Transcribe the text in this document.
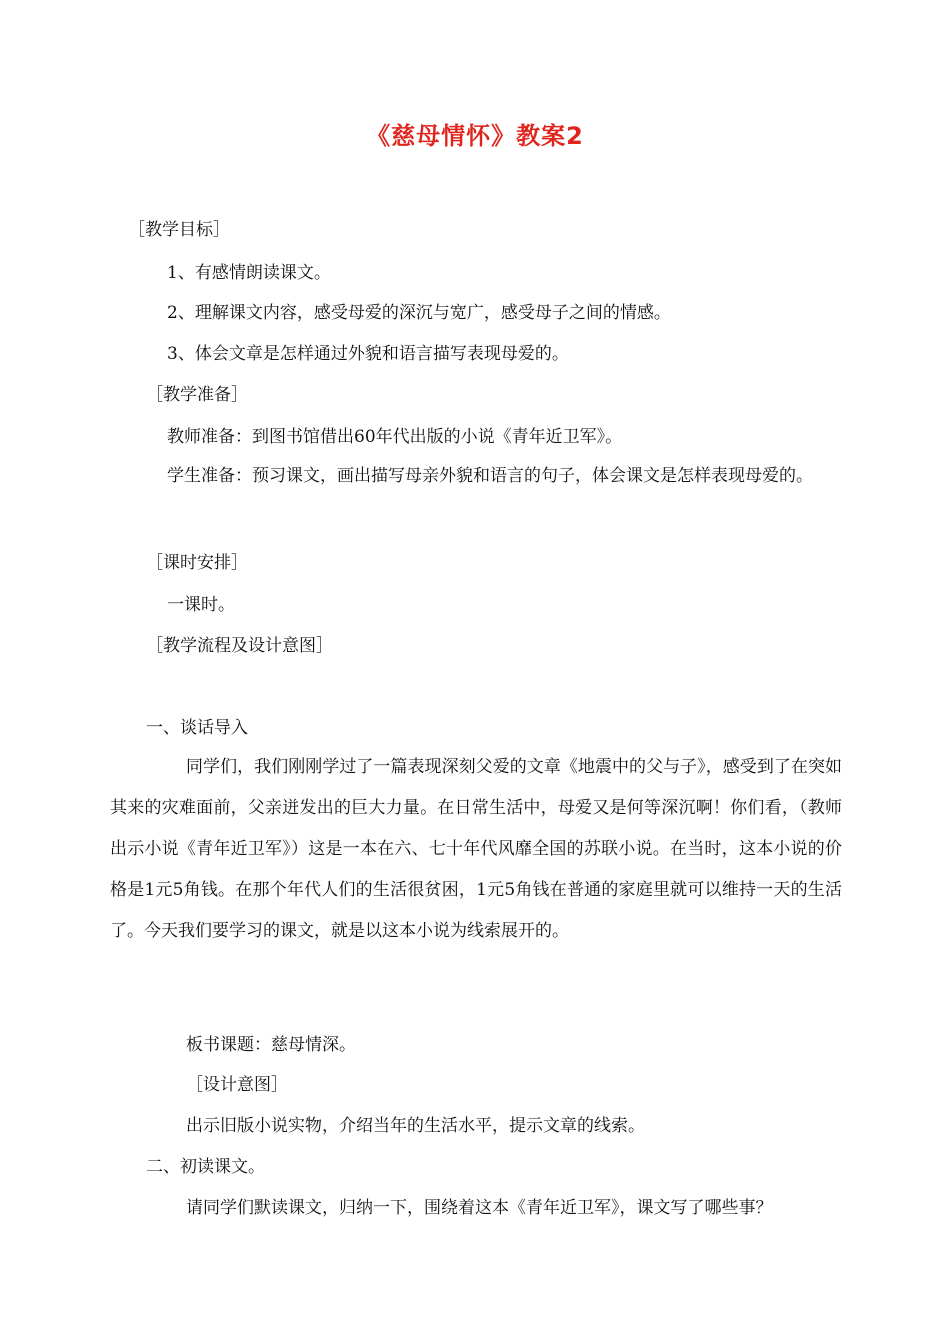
《慈母情怀》教案2
［教学目标］
1、有感情朗读课文。
2、理解课文内容，感受母爱的深沉与宽广，感受母子之间的情感。
3、体会文章是怎样通过外貌和语言描写表现母爱的。
［教学准备］
教师准备：到图书馆借出60年代出版的小说《青年近卫军》。
学生准备：预习课文，画出描写母亲外貌和语言的句子，体会课文是怎样表现母爱的。
［课时安排］
一课时。
［教学流程及设计意图］
一、谈话导入
同学们，我们刚刚学过了一篇表现深刻父爱的文章《地震中的父与子》，感受到了在突如其来的灾难面前，父亲迸发出的巨大力量。在日常生活中，母爱又是何等深沉啊！你们看，（教师出示小说《青年近卫军》）这是一本在六、七十年代风靡全国的苏联小说。在当时，这本小说的价格是1元5角钱。在那个年代人们的生活很贫困，1元5角钱在普通的家庭里就可以维持一天的生活了。今天我们要学习的课文，就是以这本小说为线索展开的。
板书课题：慈母情深。
［设计意图］
出示旧版小说实物，介绍当年的生活水平，提示文章的线索。
二、初读课文。
请同学们默读课文，归纳一下，围绕着这本《青年近卫军》，课文写了哪些事？
